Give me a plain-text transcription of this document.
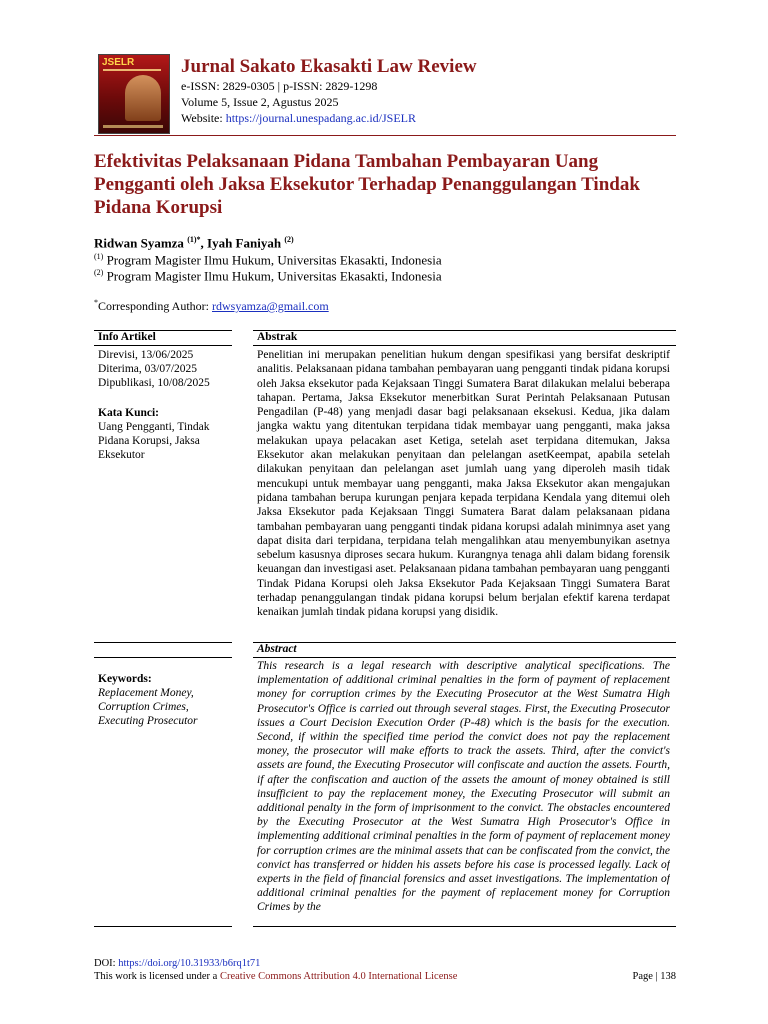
JSELR Jurnal Sakato Ekasakti Law Review
e-ISSN: 2829-0305 | p-ISSN: 2829-1298
Volume 5, Issue 2, Agustus 2025
Website: https://journal.unespadang.ac.id/JSELR
Efektivitas Pelaksanaan Pidana Tambahan Pembayaran Uang Pengganti oleh Jaksa Eksekutor Terhadap Penanggulangan Tindak Pidana Korupsi
Ridwan Syamza $^{(1)*}$, Iyah Faniyah $^{(2)}$
$^{(1)}$ Program Magister Ilmu Hukum, Universitas Ekasakti, Indonesia
$^{(2)}$ Program Magister Ilmu Hukum, Universitas Ekasakti, Indonesia
*Corresponding Author: rdwsyamza@gmail.com
Info Artikel	Abstrak
Abstract
Direvisi, 13/06/2025
Diterima, 03/07/2025
Dipublikasi, 10/08/2025
Kata Kunci:
Uang Pengganti, Tindak
Pidana Korupsi, Jaksa
Eksekutor
Keywords:
Replacement Money,
Corruption Crimes,
Executing Prosecutor

Penelitian ini merupakan penelitian hukum dengan spesifikasi yang bersifat deskriptif analitis. Pelaksanaan pidana tambahan pembayaran uang pengganti tindak pidana korupsi oleh Jaksa eksekutor pada Kejaksaan Tinggi Sumatera Barat dilakukan melalui beberapa tahapan. Pertama, Jaksa Eksekutor menerbitkan Surat Perintah Pelaksanaan Putusan Pengadilan (P-48) yang menjadi dasar bagi pelaksanaan eksekusi. Kedua, jika dalam jangka waktu yang ditentukan terpidana tidak membayar uang pengganti, maka jaksa melakukan upaya pelacakan aset Ketiga, setelah aset terpidana ditemukan, Jaksa Eksekutor akan melakukan penyitaan dan pelelangan asetKeempat, apabila setelah dilakukan penyitaan dan pelelangan aset jumlah uang yang diperoleh masih tidak mencukupi untuk membayar uang pengganti, maka Jaksa Eksekutor akan mengajukan pidana tambahan berupa kurungan penjara kepada terpidana Kendala yang ditemui oleh Jaksa Eksekutor pada Kejaksaan Tinggi Sumatera Barat dalam pelaksanaan pidana tambahan pembayaran uang pengganti tindak pidana korupsi adalah minimnya aset yang dapat disita dari terpidana, terpidana telah mengalihkan atau menyembunyikan asetnya sebelum kasusnya diproses secara hukum. Kurangnya tenaga ahli dalam bidang forensik keuangan dan investigasi aset. Pelaksanaan pidana tambahan pembayaran uang pengganti Tindak Pidana Korupsi oleh Jaksa Eksekutor Pada Kejaksaan Tinggi Sumatera Barat terhadap penanggulangan tindak pidana korupsi belum berjalan efektif karena terdapat kenaikan jumlah tindak pidana korupsi yang disidik.

This research is a legal research with descriptive analytical specifications. The implementation of additional criminal penalties in the form of payment of replacement money for corruption crimes by the Executing Prosecutor at the West Sumatra High Prosecutor's Office is carried out through several stages. First, the Executing Prosecutor issues a Court Decision Execution Order (P-48) which is the basis for the execution. Second, if within the specified time period the convict does not pay the replacement money, the prosecutor will make efforts to track the assets. Third, after the convict's assets are found, the Executing Prosecutor will confiscate and auction the assets. Fourth, if after the confiscation and auction of the assets the amount of money obtained is still insufficient to pay the replacement money, the Executing Prosecutor will submit an additional penalty in the form of imprisonment to the convict. The obstacles encountered by the Executing Prosecutor at the West Sumatra High Prosecutor's Office in implementing additional criminal penalties in the form of payment of replacement money for corruption crimes are the minimal assets that can be confiscated from the convict, the convict has transferred or hidden his assets before his case is processed legally. Lack of experts in the field of financial forensics and asset investigations. The implementation of additional criminal penalties for the payment of replacement money for Corruption Crimes by the

DOI: https://doi.org/10.31933/b6rq1t71
This work is licensed under a Creative Commons Attribution 4.0 International License	Page | 138
